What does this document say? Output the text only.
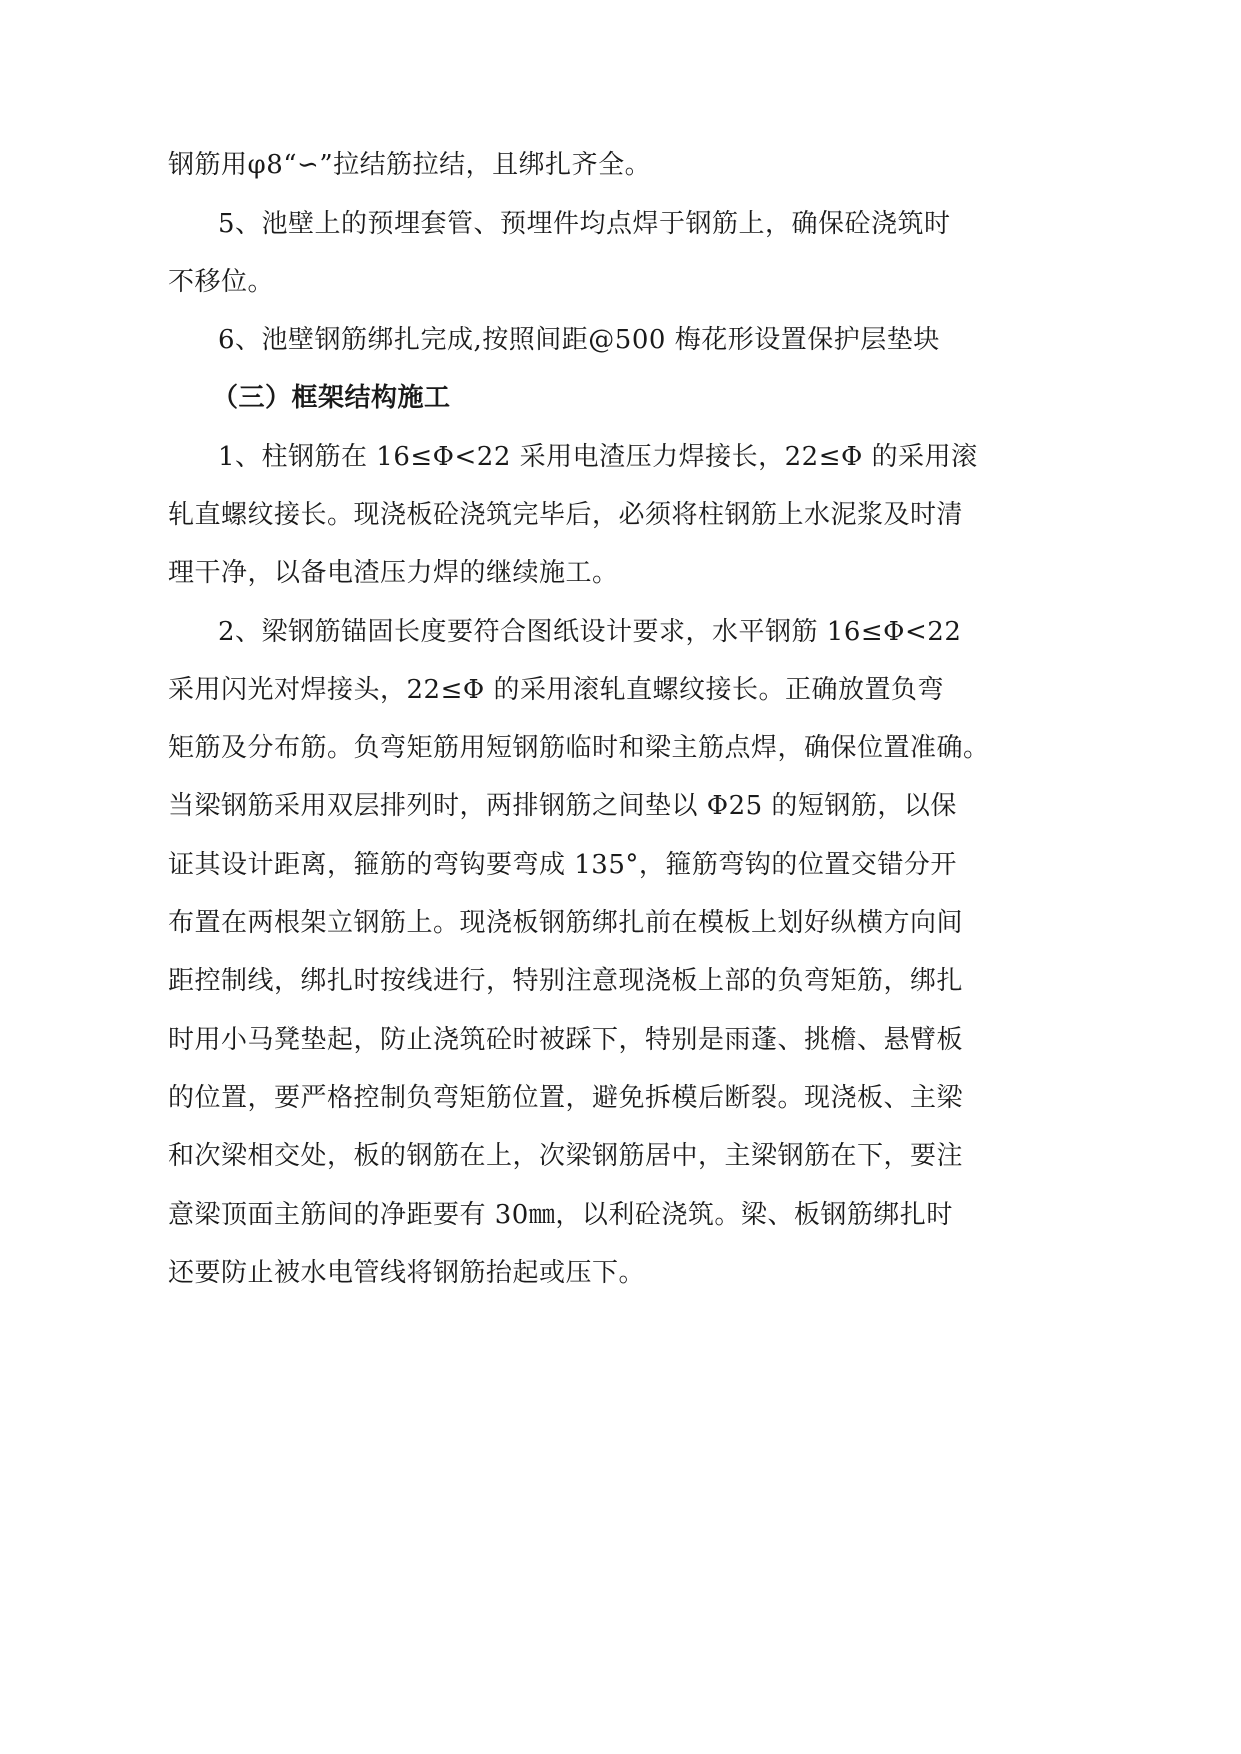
钢筋用φ8“∽”拉结筋拉结，且绑扎齐全。
5、池壁上的预埋套管、预埋件均点焊于钢筋上，确保砼浇筑时
不移位。
6、池壁钢筋绑扎完成,按照间距@500 梅花形设置保护层垫块
（三）框架结构施工
1、柱钢筋在 16≤Φ<22 采用电渣压力焊接长，22≤Φ 的采用滚
轧直螺纹接长。现浇板砼浇筑完毕后，必须将柱钢筋上水泥浆及时清
理干净，以备电渣压力焊的继续施工。
2、梁钢筋锚固长度要符合图纸设计要求，水平钢筋 16≤Φ<22
采用闪光对焊接头，22≤Φ 的采用滚轧直螺纹接长。正确放置负弯
矩筋及分布筋。负弯矩筋用短钢筋临时和梁主筋点焊，确保位置准确。
当梁钢筋采用双层排列时，两排钢筋之间垫以 Φ25 的短钢筋，以保
证其设计距离，箍筋的弯钩要弯成 135°，箍筋弯钩的位置交错分开
布置在两根架立钢筋上。现浇板钢筋绑扎前在模板上划好纵横方向间
距控制线，绑扎时按线进行，特别注意现浇板上部的负弯矩筋，绑扎
时用小马凳垫起，防止浇筑砼时被踩下，特别是雨蓬、挑檐、悬臂板
的位置，要严格控制负弯矩筋位置，避免拆模后断裂。现浇板、主梁
和次梁相交处，板的钢筋在上，次梁钢筋居中，主梁钢筋在下，要注
意梁顶面主筋间的净距要有 30㎜，以利砼浇筑。梁、板钢筋绑扎时
还要防止被水电管线将钢筋抬起或压下。
